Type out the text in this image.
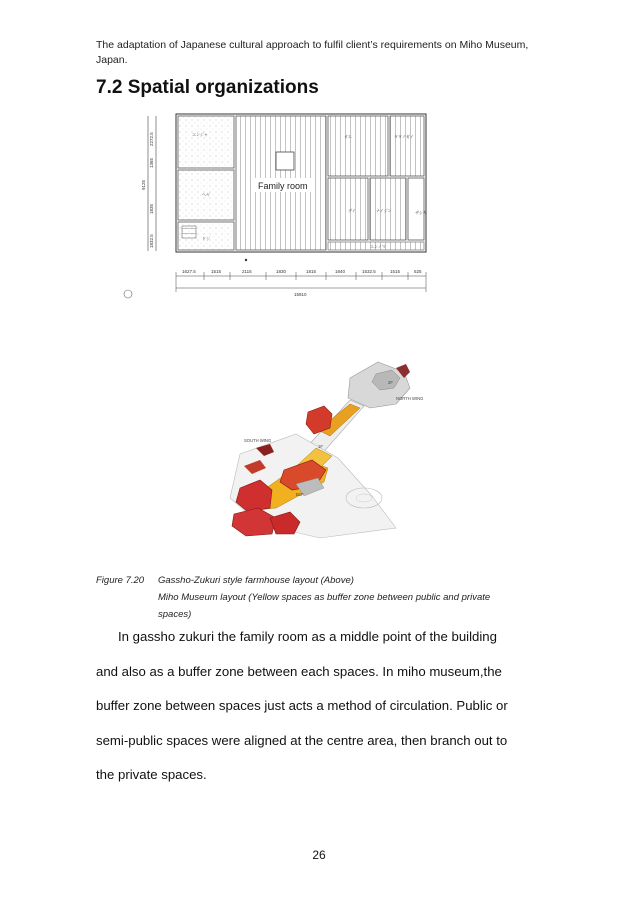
The adaptation of Japanese cultural approach to fulfil client’s requirements on Miho Museum,
Japan.
7.2 Spatial organizations
2272.5
1365
1835
1832.5
9125	Family room
エンジャ	オエ
デイ	ナイジン	ザシキ
ヘヤ
ドジ
エンノマ
タタノガイ
1627.5	1515	2115	1830	1815	1840	1532.5	1515	525
15910
SOUTH WING
NORTH WING
1F
B1F
2F
Figure 7.20 Gassho-Zukuri style farmhouse layout (Above)
Miho Museum layout (Yellow spaces as buffer zone between public and private
spaces)

In gassho zukuri the family room as a middle point of the building

and also as a buffer zone between each spaces. In miho museum,the

buffer zone between spaces just acts a method of circulation. Public or

semi-public spaces were aligned at the centre area, then branch out to

the private spaces.

26
